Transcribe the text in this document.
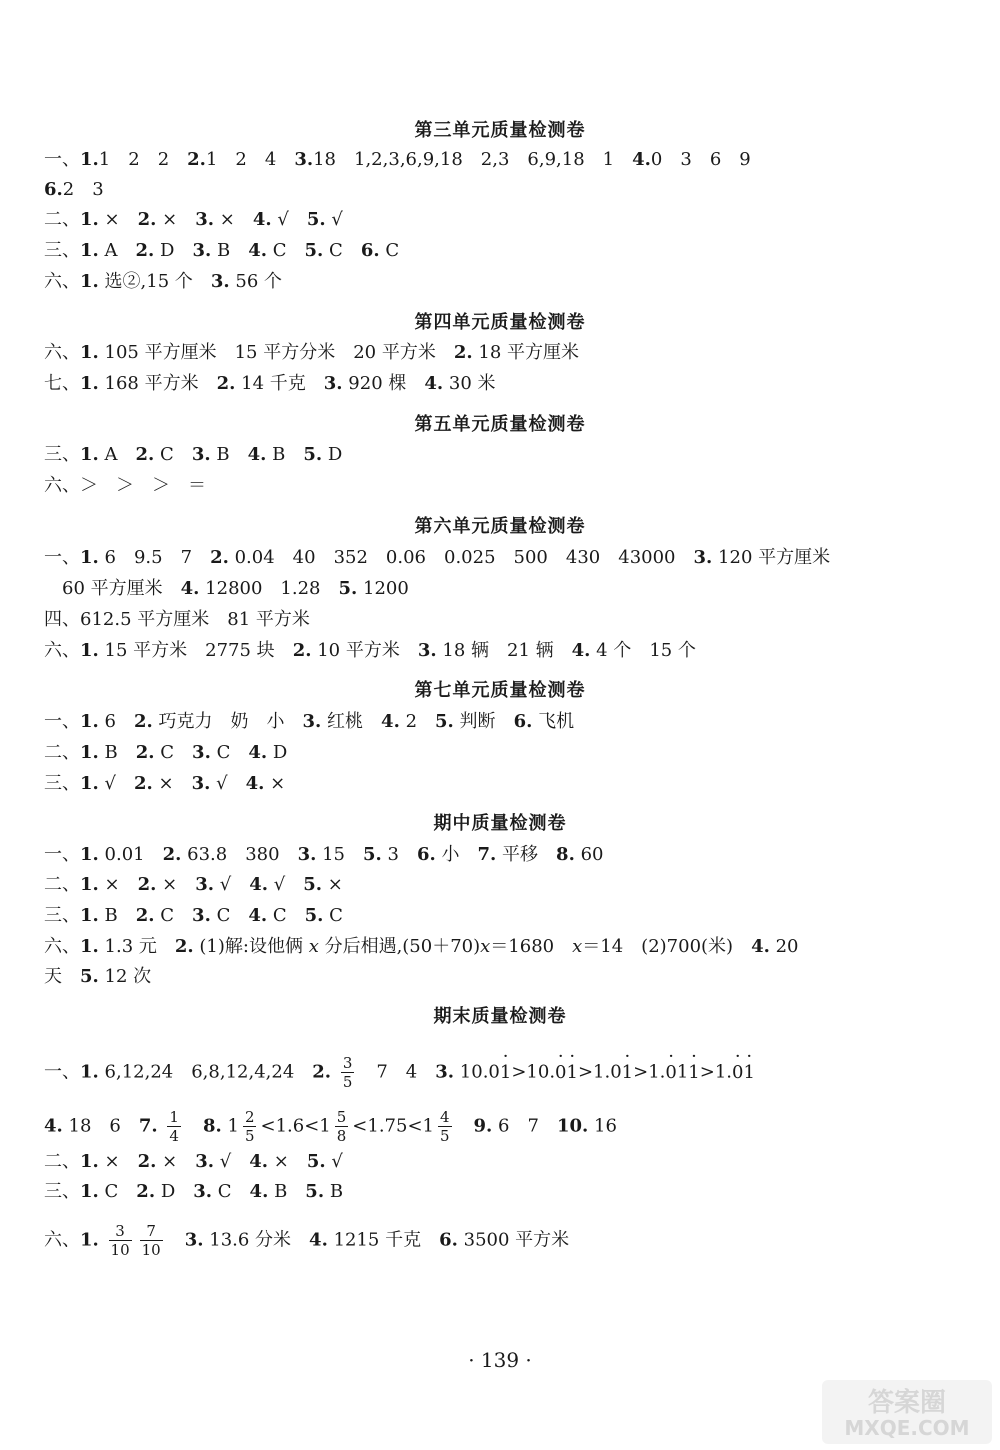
第三单元质量检测卷
一、1.1　2　2　2.1　2　4　3.18　1,2,3,6,9,18　2,3　6,9,18　1　4.0　3　6　9
6.2　3
二、1. ×　2. ×　3. ×　4. √　5. √
三、1. A　2. D　3. B　4. C　5. C　6. C
六、1. 选②,15 个　3. 56 个
第四单元质量检测卷
六、1. 105 平方厘米　15 平方分米　20 平方米　2. 18 平方厘米
七、1. 168 平方米　2. 14 千克　3. 920 棵　4. 30 米
第五单元质量检测卷
三、1. A　2. C　3. B　4. B　5. D
六、＞　＞　＞　＝
第六单元质量检测卷
一、1. 6　9.5　7　2. 0.04　40　352　0.06　0.025　500　430　43000　3. 120 平方厘米
60 平方厘米　4. 12800　1.28　5. 1200
四、612.5 平方厘米　81 平方米
六、1. 15 平方米　2775 块　2. 10 平方米　3. 18 辆　21 辆　4. 4 个　15 个
第七单元质量检测卷
一、1. 6　2. 巧克力　奶　小　3. 红桃　4. 2　5. 判断　6. 飞机
二、1. B　2. C　3. C　4. D
三、1. √　2. ×　3. √　4. ×
期中质量检测卷
一、1. 0.01　2. 63.8　380　3. 15　5. 3　6. 小　7. 平移　8. 60
二、1. ×　2. ×　3. √　4. √　5. ×
三、1. B　2. C　3. C　4. C　5. C
六、1. 1.3 元　2. (1)解:设他俩 x 分后相遇,(50＋70)x＝1680　x＝14　(2)700(米)　4. 20
天　5. 12 次
期末质量检测卷
一、1. 6,12,24　6,8,12,4,24　2. $\frac{3}{5}$ 　7　4　3. 10.0· 1>10.· 0· 1>1.0· 1>1.· 01· 1>1.· 0· 1
4. 18　6　7. $\frac{1}{4}$
　 8. $1 \frac{2}{5} <1.6<1 \frac{5}{8} <1.75<1 \frac{4}{5}$
　 9. 6　7　10. 16
二、1. ×　2. ×　3. √　4. ×　5. √
三、1. C　2. D　3. C　4. B　5. B
六、1. $\frac{3}{10} \frac{7}{10}$
　 3. 13.6 分米　4. 1215 千克　6. 3500 平方米
· 139 ·
答案圈
MXQE.COM
